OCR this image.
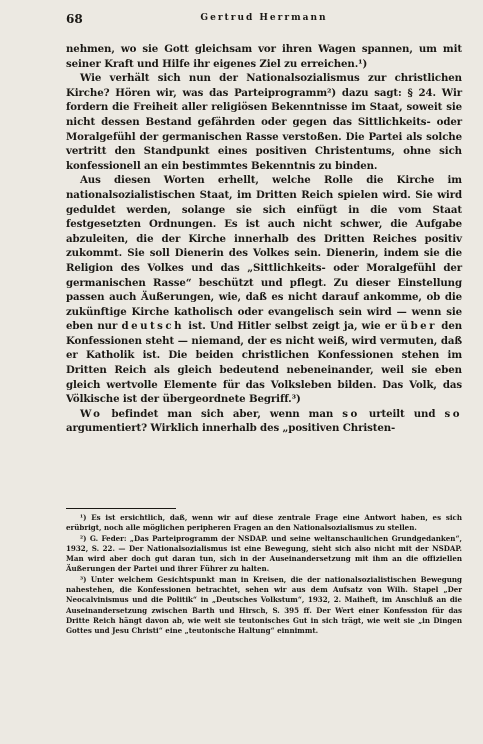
68	Gertrud Herrmann

nehmen, wo sie Gott gleichsam vor ihren Wagen spannen, um mit seiner Kraft und Hilfe ihr eigenes Ziel zu erreichen.¹)

Wie verhält sich nun der Nationalsozialismus zur christlichen Kirche? Hören wir, was das Parteiprogramm²) dazu sagt: § 24. Wir fordern die Freiheit aller religiösen Bekenntnisse im Staat, soweit sie nicht dessen Bestand gefährden oder gegen das Sittlichkeits- oder Moralgefühl der germanischen Rasse verstoßen. Die Partei als solche vertritt den Standpunkt eines positiven Christentums, ohne sich konfessionell an ein bestimmtes Bekenntnis zu binden.

Aus diesen Worten erhellt, welche Rolle die Kirche im nationalsozialistischen Staat, im Dritten Reich spielen wird. Sie wird geduldet werden, solange sie sich einfügt in die vom Staat festgesetzten Ordnungen. Es ist auch nicht schwer, die Aufgabe abzuleiten, die der Kirche innerhalb des Dritten Reiches positiv zukommt. Sie soll Dienerin des Volkes sein. Dienerin, indem sie die Religion des Volkes und das „Sittlichkeits- oder Moralgefühl der germanischen Rasse“ beschützt und pflegt. Zu dieser Einstellung passen auch Äußerungen, wie, daß es nicht darauf ankomme, ob die zukünftige Kirche katholisch oder evangelisch sein wird — wenn sie eben nur deutsch ist. Und Hitler selbst zeigt ja, wie er über den Konfessionen steht — niemand, der es nicht weiß, wird vermuten, daß er Katholik ist. Die beiden christlichen Konfessionen stehen im Dritten Reich als gleich bedeutend nebeneinander, weil sie eben gleich wertvolle Elemente für das Volksleben bilden. Das Volk, das Völkische ist der übergeordnete Begriff.³)

Wo befindet man sich aber, wenn man so urteilt und so argumentiert? Wirklich innerhalb des „positiven Christen-

¹) Es ist ersichtlich, daß, wenn wir auf diese zentrale Frage eine Antwort haben, es sich erübrigt, noch alle möglichen peripheren Fragen an den Nationalsozialismus zu stellen.

²) G. Feder: „Das Parteiprogramm der NSDAP. und seine weltanschaulichen Grundgedanken“, 1932, S. 22. — Der Nationalsozialismus ist eine Bewegung, sieht sich also nicht mit der NSDAP. Man wird aber doch gut daran tun, sich in der Auseinandersetzung mit ihm an die offiziellen Äußerungen der Partei und ihrer Führer zu halten.

³) Unter welchem Gesichtspunkt man in Kreisen, die der nationalsozialistischen Bewegung nahestehen, die Konfessionen betrachtet, sehen wir aus dem Aufsatz von Wilh. Stapel „Der Neocalvinismus und die Politik“ in „Deutsches Volkstum“, 1932, 2. Maiheft, im Anschluß an die Auseinandersetzung zwischen Barth und Hirsch, S. 395 ff. Der Wert einer Konfession für das Dritte Reich hängt davon ab, wie weit sie teutonisches Gut in sich trägt, wie weit sie „in Dingen Gottes und Jesu Christi“ eine „teutonische Haltung“ einnimmt.
